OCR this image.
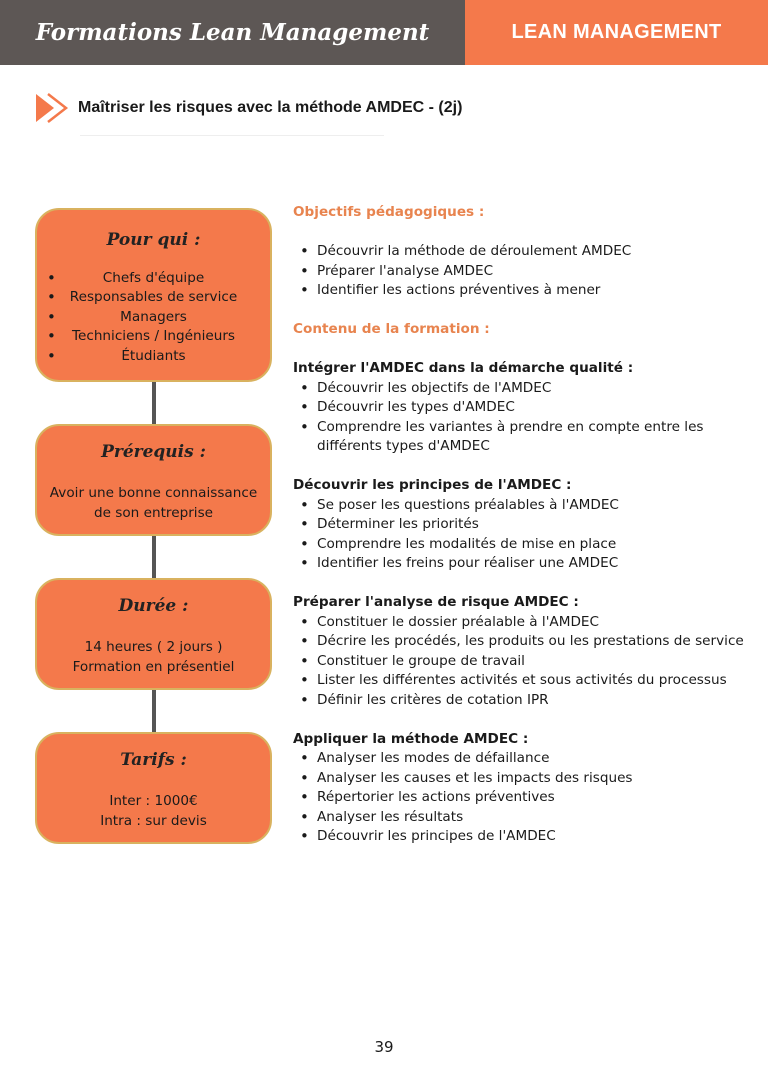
Formations Lean Management	LEAN MANAGEMENT
Maîtriser les risques avec la méthode AMDEC - (2j)
Pour qui :
• Chefs d'équipe
• Responsables de service
• Managers
• Techniciens / Ingénieurs
• Étudiants
Prérequis :

Avoir une bonne connaissance de son entreprise

Durée :

14 heures ( 2 jours )

Formation en présentiel

Tarifs :

Inter : 1000€

Intra : sur devis

Objectifs pédagogiques :
• Découvrir la méthode de déroulement AMDEC
• Préparer l'analyse AMDEC
• Identifier les actions préventives à mener
Contenu de la formation :
Intégrer l'AMDEC dans la démarche qualité :
• Découvrir les objectifs de l'AMDEC
• Découvrir les types d'AMDEC
• Comprendre les variantes à prendre en compte entre les différents types d'AMDEC
Découvrir les principes de l'AMDEC :
• Se poser les questions préalables à l'AMDEC
• Déterminer les priorités
• Comprendre les modalités de mise en place
• Identifier les freins pour réaliser une AMDEC
Préparer l'analyse de risque AMDEC :
• Constituer le dossier préalable à l'AMDEC
• Décrire les procédés, les produits ou les prestations de service
• Constituer le groupe de travail
• Lister les différentes activités et sous activités du processus
• Définir les critères de cotation IPR
Appliquer la méthode AMDEC :
• Analyser les modes de défaillance
• Analyser les causes et les impacts des risques
• Répertorier les actions préventives
• Analyser les résultats
• Découvrir les principes de l'AMDEC
39
